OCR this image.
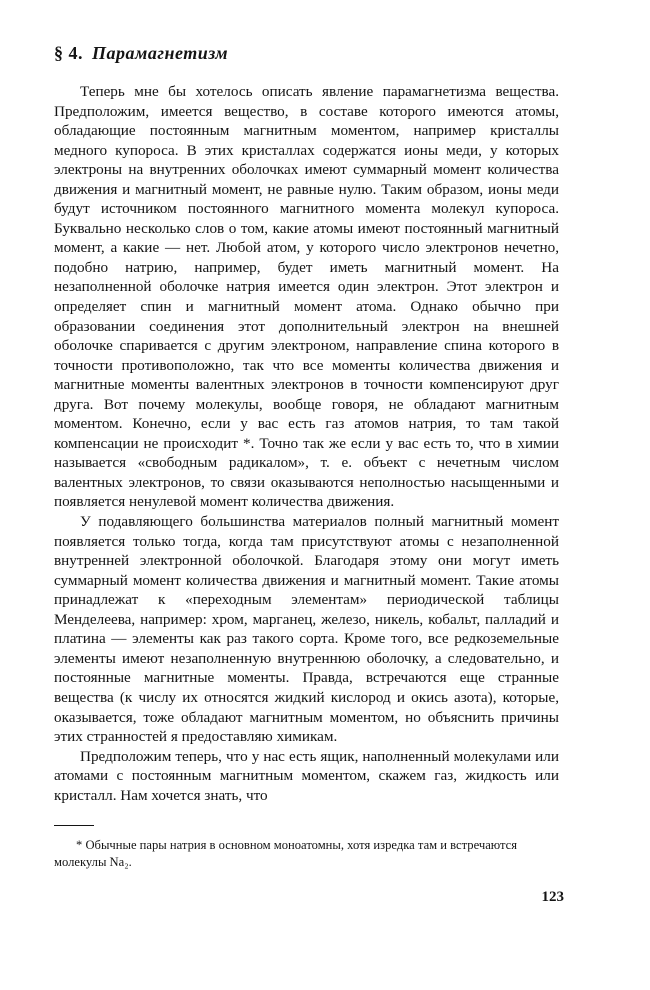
§ 4. Парамагнетизм

Теперь мне бы хотелось описать явление парамагнетизма вещества. Предположим, имеется вещество, в составе которого имеются атомы, обладающие постоянным магнитным моментом, например кристаллы медного купороса. В этих кристаллах содержатся ионы меди, у которых электроны на внутренних оболочках имеют суммарный момент количества движения и магнитный момент, не равные нулю. Таким образом, ионы меди будут источником постоянного магнитного момента молекул купороса. Буквально несколько слов о том, какие атомы имеют постоянный магнитный момент, а какие — нет. Любой атом, у которого число электронов нечетно, подобно натрию, например, будет иметь магнитный момент. На незаполненной оболочке натрия имеется один электрон. Этот электрон и определяет спин и магнитный момент атома. Однако обычно при образовании соединения этот дополнительный электрон на внешней оболочке спаривается с другим электроном, направление спина которого в точности противоположно, так что все моменты количества движения и магнитные моменты валентных электронов в точности компенсируют друг друга. Вот почему молекулы, вообще говоря, не обладают магнитным моментом. Конечно, если у вас есть газ атомов натрия, то там такой компенсации не происходит *. Точно так же если у вас есть то, что в химии называется «свободным радикалом», т. е. объект с нечетным числом валентных электронов, то связи оказываются неполностью насыщенными и появляется ненулевой момент количества движения.

У подавляющего большинства материалов полный магнитный момент появляется только тогда, когда там присутствуют атомы с незаполненной внутренней электронной оболочкой. Благодаря этому они могут иметь суммарный момент количества движения и магнитный момент. Такие атомы принадлежат к «переходным элементам» периодической таблицы Менделеева, например: хром, марганец, железо, никель, кобальт, палладий и платина — элементы как раз такого сорта. Кроме того, все редкоземельные элементы имеют незаполненную внутреннюю оболочку, а следовательно, и постоянные магнитные моменты. Правда, встречаются еще странные вещества (к числу их относятся жидкий кислород и окись азота), которые, оказывается, тоже обладают магнитным моментом, но объяснить причины этих странностей я предоставляю химикам.

Предположим теперь, что у нас есть ящик, наполненный молекулами или атомами с постоянным магнитным моментом, скажем газ, жидкость или кристалл. Нам хочется знать, что

* Обычные пары натрия в основном моноатомны, хотя изредка там и встречаются молекулы Na₂.

123
